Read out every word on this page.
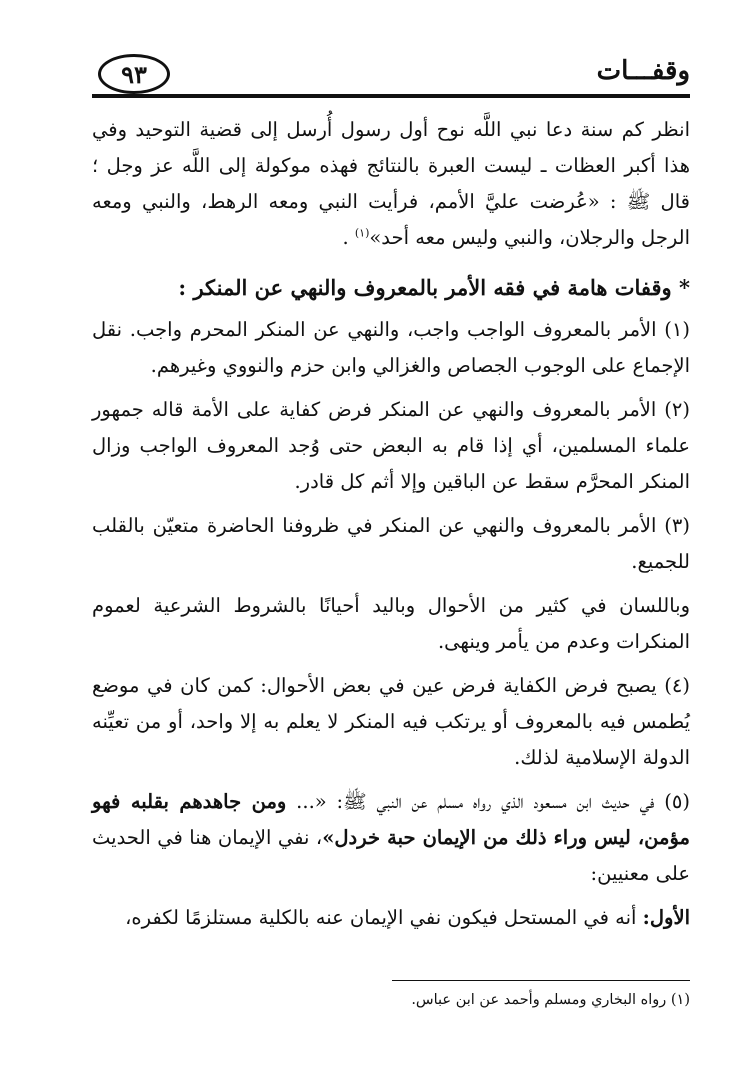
٩٣	وقفـــات

انظر كم سنة دعا نبي اللَّه نوح أول رسول أُرسل إلى قضية التوحيد وفي هذا أكبر العظات ـ ليست العبرة بالنتائج فهذه موكولة إلى اللَّه عز وجل ؛ قال ﷺ : «عُرضت عليَّ الأمم، فرأيت النبي ومعه الرهط، والنبي ومعه الرجل والرجلان، والنبي وليس معه أحد»$^{(١)}$ .

* وقفات هامة في فقه الأمر بالمعروف والنهي عن المنكر :

(١) الأمر بالمعروف الواجب واجب، والنهي عن المنكر المحرم واجب. نقل الإجماع على الوجوب الجصاص والغزالي وابن حزم والنووي وغيرهم.

(٢) الأمر بالمعروف والنهي عن المنكر فرض كفاية على الأمة قاله جمهور علماء المسلمين، أي إذا قام به البعض حتى وُجد المعروف الواجب وزال المنكر المحرَّم سقط عن الباقين وإلا أثم كل قادر.

(٣) الأمر بالمعروف والنهي عن المنكر في ظروفنا الحاضرة متعيّن بالقلب للجميع.

وباللسان في كثير من الأحوال وباليد أحيانًا بالشروط الشرعية لعموم المنكرات وعدم من يأمر وينهى.

(٤) يصبح فرض الكفاية فرض عين في بعض الأحوال: كمن كان في موضع يُطمس فيه بالمعروف أو يرتكب فيه المنكر لا يعلم به إلا واحد، أو من تعيِّنه الدولة الإسلامية لذلك.

(٥) في حديث ابن مسعود الذي رواه مسلم عن النبي ﷺ: «... ومن جاهدهم بقلبه فهو مؤمن، ليس وراء ذلك من الإيمان حبة خردل»، نفي الإيمان هنا في الحديث على معنيين:

الأول: أنه في المستحل فيكون نفي الإيمان عنه بالكلية مستلزمًا لكفره،

(١) رواه البخاري ومسلم وأحمد عن ابن عباس.
